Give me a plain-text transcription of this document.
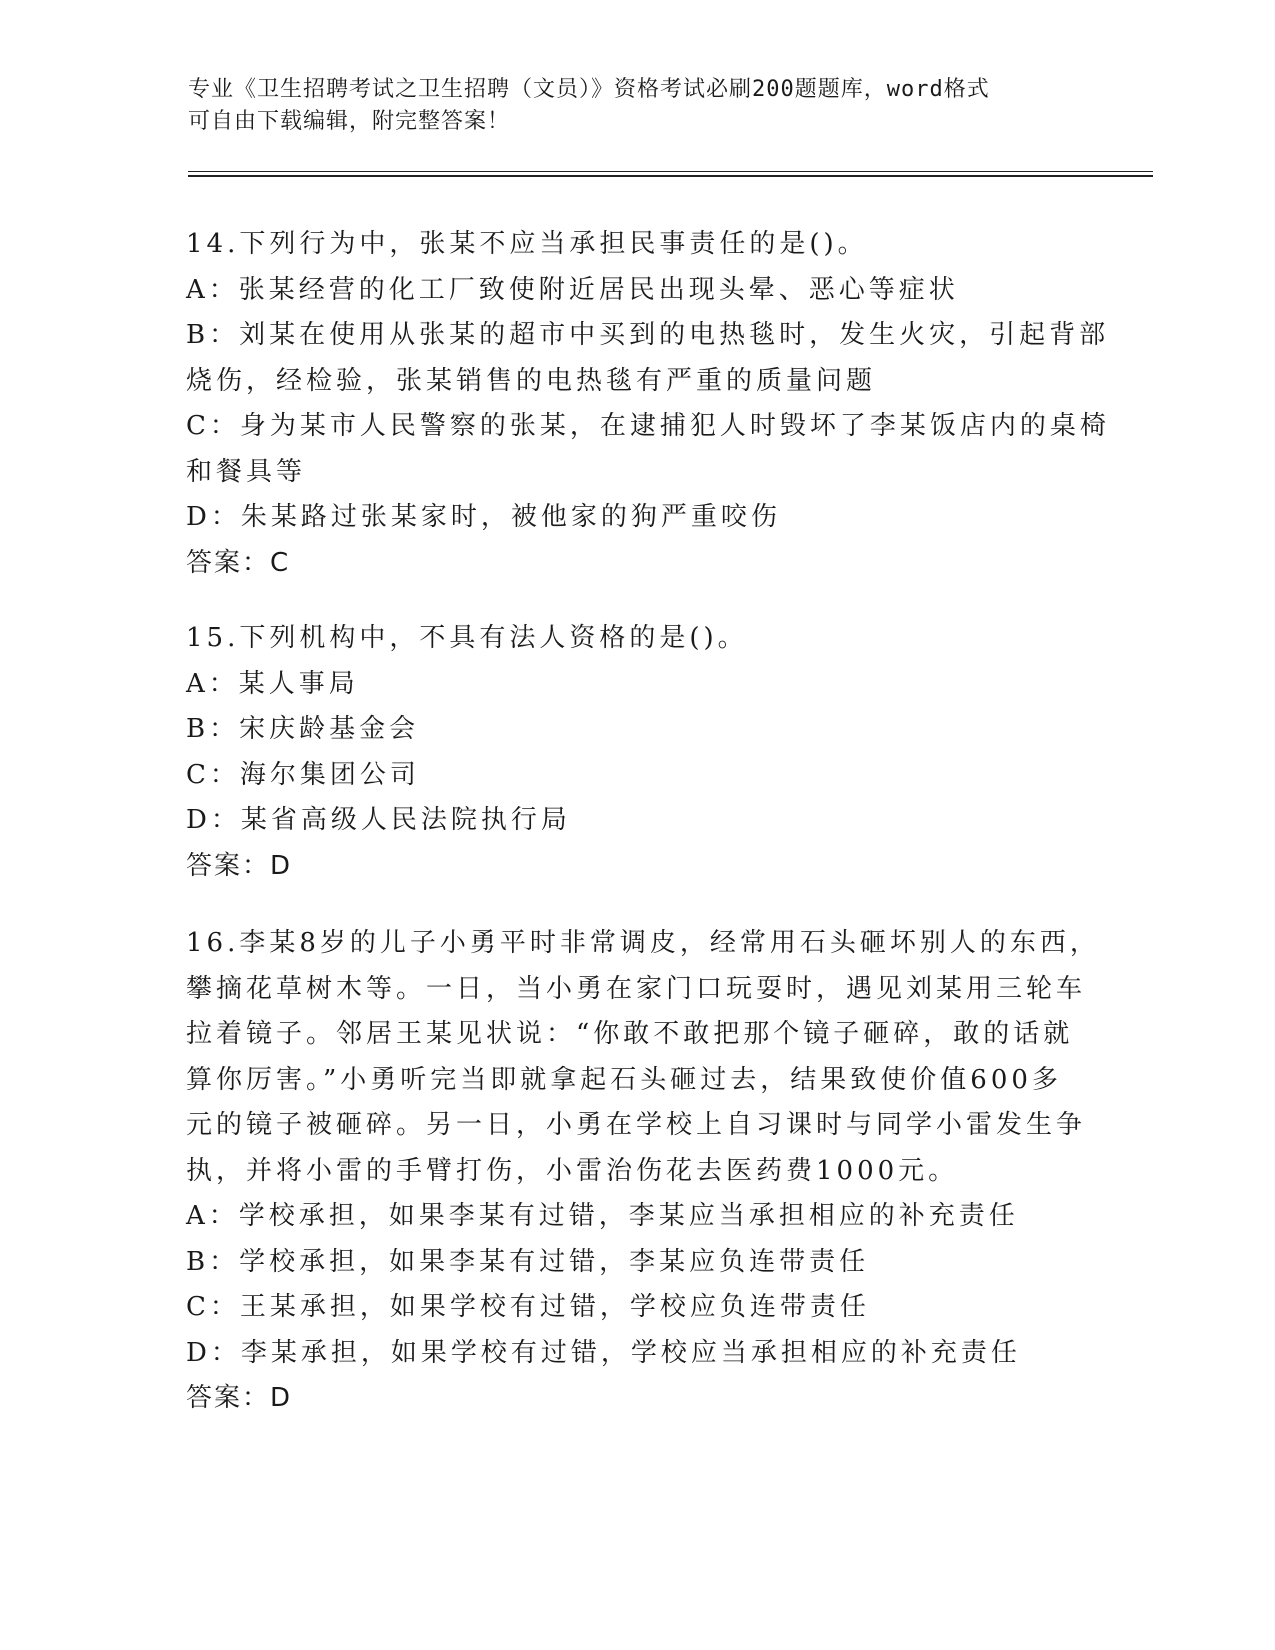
专业《卫生招聘考试之卫生招聘（文员）》资格考试必刷200题题库，word格式
可自由下载编辑，附完整答案！
14.下列行为中，张某不应当承担民事责任的是()。
A：张某经营的化工厂致使附近居民出现头晕、恶心等症状
B：刘某在使用从张某的超市中买到的电热毯时，发生火灾，引起背部
烧伤，经检验，张某销售的电热毯有严重的质量问题
C：身为某市人民警察的张某，在逮捕犯人时毁坏了李某饭店内的桌椅
和餐具等
D：朱某路过张某家时，被他家的狗严重咬伤
答案：C
15.下列机构中，不具有法人资格的是()。
A：某人事局
B：宋庆龄基金会
C：海尔集团公司
D：某省高级人民法院执行局
答案：D
16.李某8岁的儿子小勇平时非常调皮，经常用石头砸坏别人的东西，
攀摘花草树木等。一日，当小勇在家门口玩耍时，遇见刘某用三轮车
拉着镜子。邻居王某见状说：“你敢不敢把那个镜子砸碎，敢的话就
算你厉害。”小勇听完当即就拿起石头砸过去，结果致使价值600多
元的镜子被砸碎。另一日，小勇在学校上自习课时与同学小雷发生争
执，并将小雷的手臂打伤，小雷治伤花去医药费1000元。
A：学校承担，如果李某有过错，李某应当承担相应的补充责任
B：学校承担，如果李某有过错，李某应负连带责任
C：王某承担，如果学校有过错，学校应负连带责任
D：李某承担，如果学校有过错，学校应当承担相应的补充责任
答案：D
